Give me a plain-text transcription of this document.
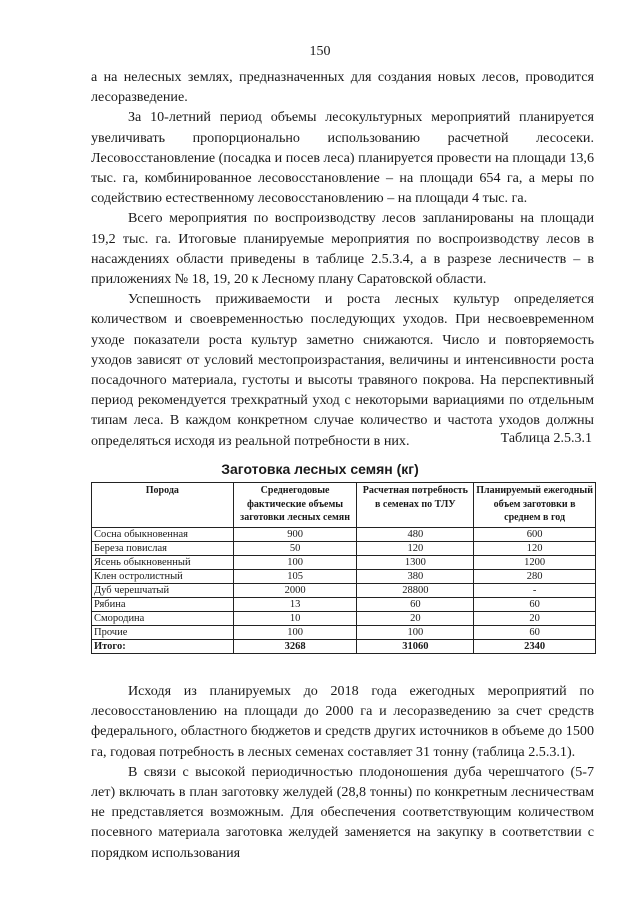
150

а на нелесных землях, предназначенных для создания новых лесов, проводится лесоразведение.

За 10-летний период объемы лесокультурных мероприятий планируется увеличивать пропорционально использованию расчетной лесосеки. Лесовосстановление (посадка и посев леса) планируется провести на площади 13,6 тыс. га, комбинированное лесовосстановление – на площади 654 га, а меры по содействию естественному лесовосстановлению – на площади 4 тыс. га.

Всего мероприятия по воспроизводству лесов запланированы на площади 19,2 тыс. га. Итоговые планируемые мероприятия по воспроизводству лесов в насаждениях области приведены в таблице 2.5.3.4, а в разрезе лесничеств – в приложениях № 18, 19, 20 к Лесному плану Саратовской области.

Успешность приживаемости и роста лесных культур определяется количеством и своевременностью последующих уходов. При несвоевременном уходе показатели роста культур заметно снижаются. Число и повторяемость уходов зависят от условий местопроизрастания, величины и интенсивности роста посадочного материала, густоты и высоты травяного покрова. На перспективный период рекомендуется трехкратный уход с некоторыми вариациями по отдельным типам леса. В каждом конкретном случае количество и частота уходов должны определяться исходя из реальной потребности в них.	Таблица 2.5.3.1
Заготовка лесных семян (кг)
Порода	Среднегодовые фактические объемы заготовки лесных семян	Расчетная потребность в семенах по ТЛУ	Планируемый ежегодный объем заготовки в среднем в год
Сосна обыкновенная	900	480	600
Береза повислая	50	120	120
Ясень обыкновенный	100	1300	1200
Клен остролистный	105	380	280
Дуб черешчатый	2000	28800	-
Рябина	13	60	60
Смородина	10	20	20
Прочие	100	100	60
Итого:	3268	31060	2340

Исходя из планируемых до 2018 года ежегодных мероприятий по лесовосстановлению на площади до 2000 га и лесоразведению за счет средств федерального, областного бюджетов и средств других источников в объеме до 1500 га, годовая потребность в лесных семенах составляет 31 тонну (таблица 2.5.3.1).

В связи с высокой периодичностью плодоношения дуба черешчатого (5-7 лет) включать в план заготовку желудей (28,8 тонны) по конкретным лесничествам не представляется возможным. Для обеспечения соответствующим количеством посевного материала заготовка желудей заменяется на закупку в соответствии с порядком использования
